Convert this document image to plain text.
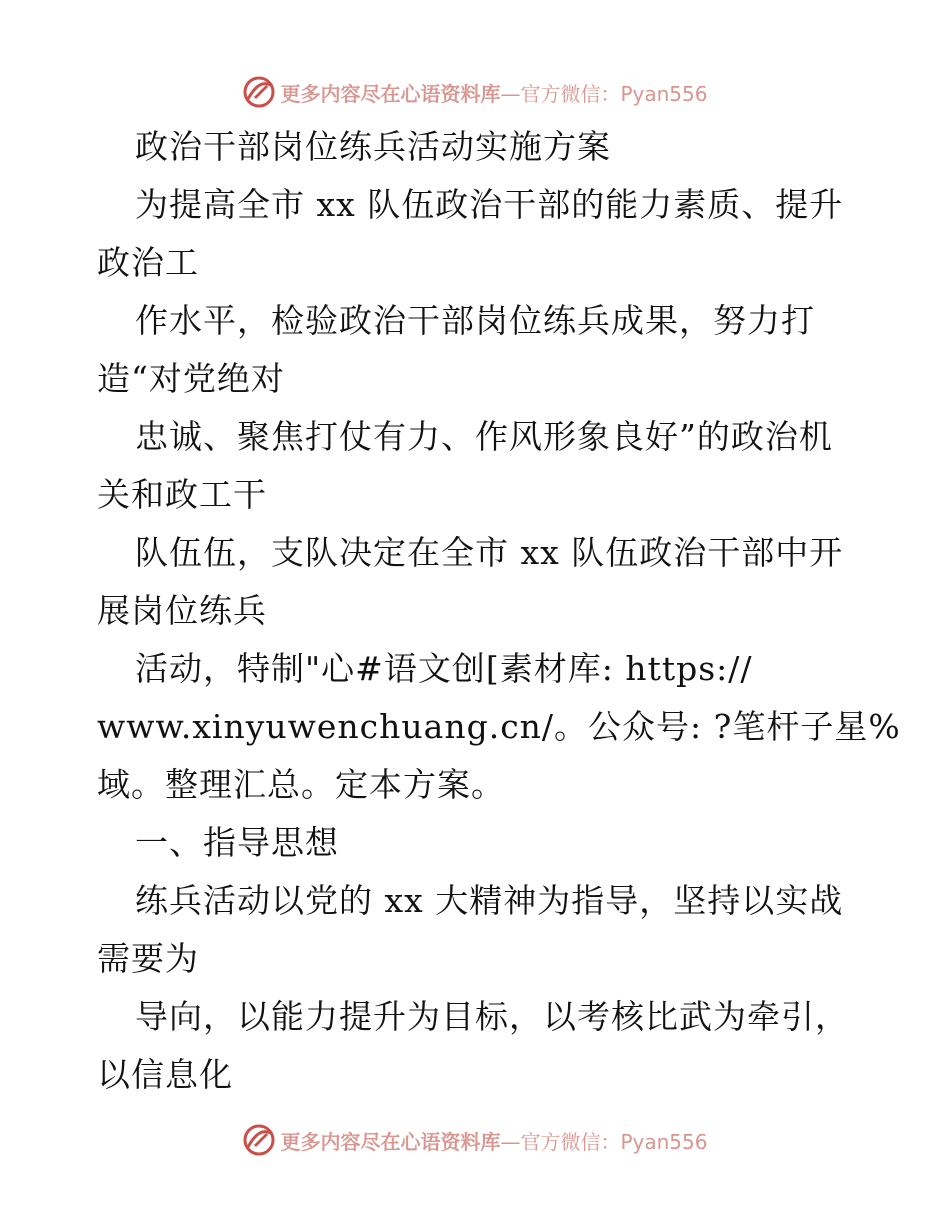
更多内容尽在心语资料库 —官方微信：Pyan556
政治干部岗位练兵活动实施方案
为提高全市 xx 队伍政治干部的能力素质、提升
政治工
作水平，检验政治干部岗位练兵成果，努力打
造“对党绝对
忠诚、聚焦打仗有力、作风形象良好”的政治机
关和政工干
队伍伍，支队决定在全市 xx 队伍政治干部中开
展岗位练兵
活动，特制"心#语文创[素材库: https://
www.xinyuwenchuang.cn/。公众号: ?笔杆子星%
域。整理汇总。定本方案。
一、指导思想
练兵活动以党的 xx 大精神为指导，坚持以实战
需要为
导向，以能力提升为目标，以考核比武为牵引，
以信息化
更多内容尽在心语资料库 —官方微信：Pyan556
